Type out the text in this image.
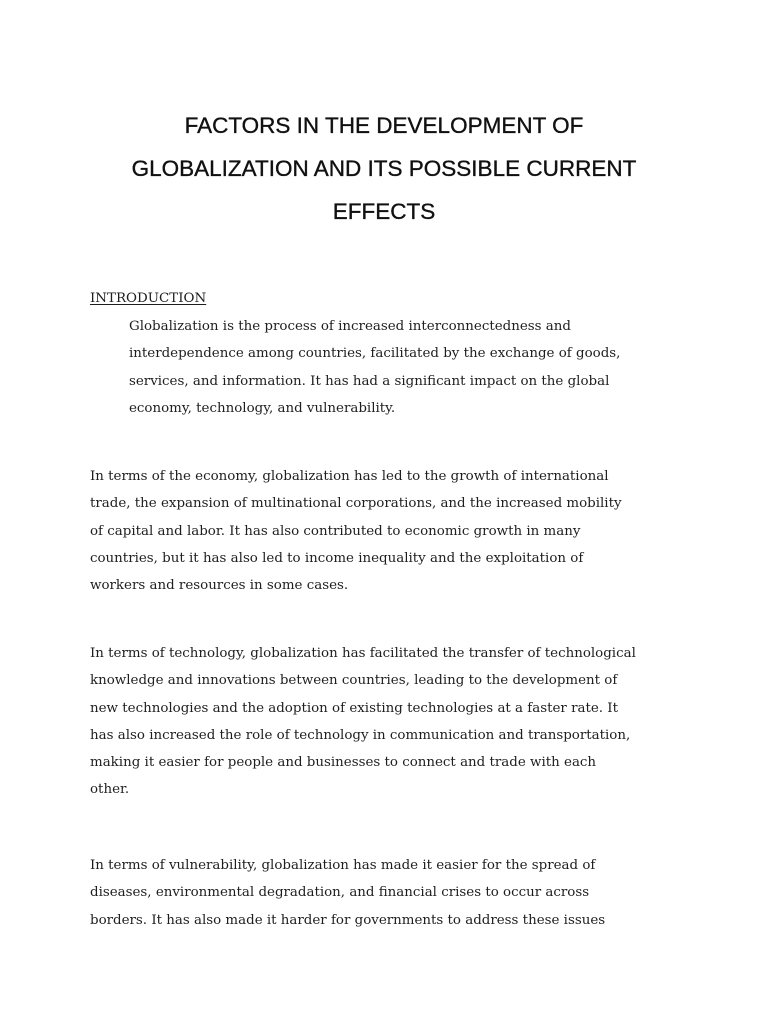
FACTORS IN THE DEVELOPMENT OF
GLOBALIZATION AND ITS POSSIBLE CURRENT
EFFECTS
INTRODUCTION
Globalization is the process of increased interconnectedness and
interdependence among countries, facilitated by the exchange of goods,
services, and information. It has had a significant impact on the global
economy, technology, and vulnerability.
In terms of the economy, globalization has led to the growth of international
trade, the expansion of multinational corporations, and the increased mobility
of capital and labor. It has also contributed to economic growth in many
countries, but it has also led to income inequality and the exploitation of
workers and resources in some cases.
In terms of technology, globalization has facilitated the transfer of technological
knowledge and innovations between countries, leading to the development of
new technologies and the adoption of existing technologies at a faster rate. It
has also increased the role of technology in communication and transportation,
making it easier for people and businesses to connect and trade with each
other.
In terms of vulnerability, globalization has made it easier for the spread of
diseases, environmental degradation, and financial crises to occur across
borders. It has also made it harder for governments to address these issues
